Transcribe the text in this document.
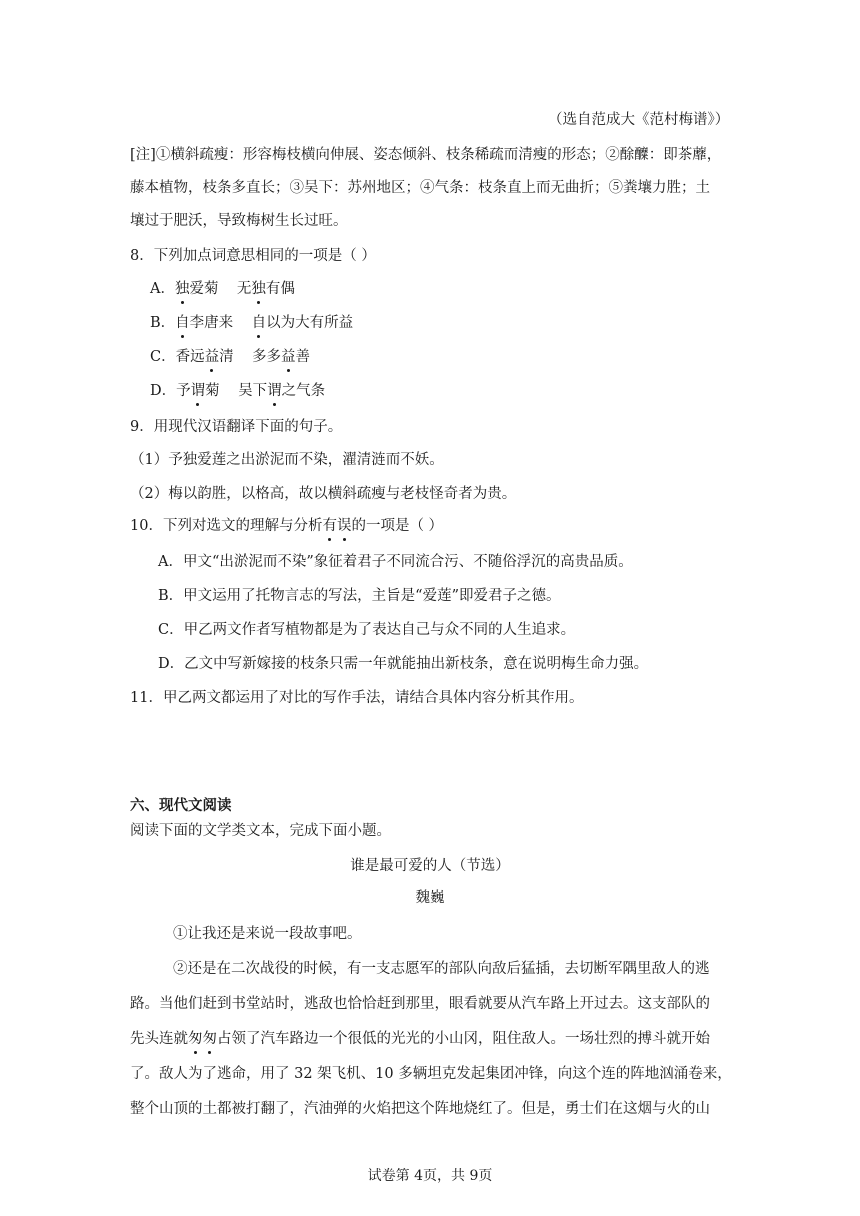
（选自范成大《范村梅谱》）
[注]①横斜疏瘦：形容梅枝横向伸展、姿态倾斜、枝条稀疏而清瘦的形态；②酴醾：即茶蘼，
藤本植物，枝条多直长；③吴下：苏州地区；④气条：枝条直上而无曲折；⑤粪壤力胜；土
壤过于肥沃，导致梅树生长过旺。
8．下列加点词意思相同的一项是（ ）
A．独爱菊    无独有偶
B．自李唐来    自以为大有所益
C．香远益清    多多益善
D．予谓菊    吴下谓之气条
9．用现代汉语翻译下面的句子。
（1）予独爱莲之出淤泥而不染，濯清涟而不妖。
（2）梅以韵胜，以格高，故以横斜疏瘦与老枝怪奇者为贵。
10．下列对选文的理解与分析有误的一项是（ ）
A．甲文“出淤泥而不染”象征着君子不同流合污、不随俗浮沉的高贵品质。
B．甲文运用了托物言志的写法，主旨是“爱莲”即爱君子之德。
C．甲乙两文作者写植物都是为了表达自己与众不同的人生追求。
D．乙文中写新嫁接的枝条只需一年就能抽出新枝条，意在说明梅生命力强。
11．甲乙两文都运用了对比的写作手法，请结合具体内容分析其作用。
六、现代文阅读
阅读下面的文学类文本，完成下面小题。
谁是最可爱的人（节选）
魏巍
①让我还是来说一段故事吧。
②还是在二次战役的时候，有一支志愿军的部队向敌后猛插，去切断军隅里敌人的逃
路。当他们赶到书堂站时，逃敌也恰恰赶到那里，眼看就要从汽车路上开过去。这支部队的
先头连就匆匆占领了汽车路边一个很低的光光的小山冈，阻住敌人。一场壮烈的搏斗就开始
了。敌人为了逃命，用了 32 架飞机、10 多辆坦克发起集团冲锋，向这个连的阵地汹涌卷来，
整个山顶的土都被打翻了，汽油弹的火焰把这个阵地烧红了。但是，勇士们在这烟与火的山
试卷第 4页，共 9页
